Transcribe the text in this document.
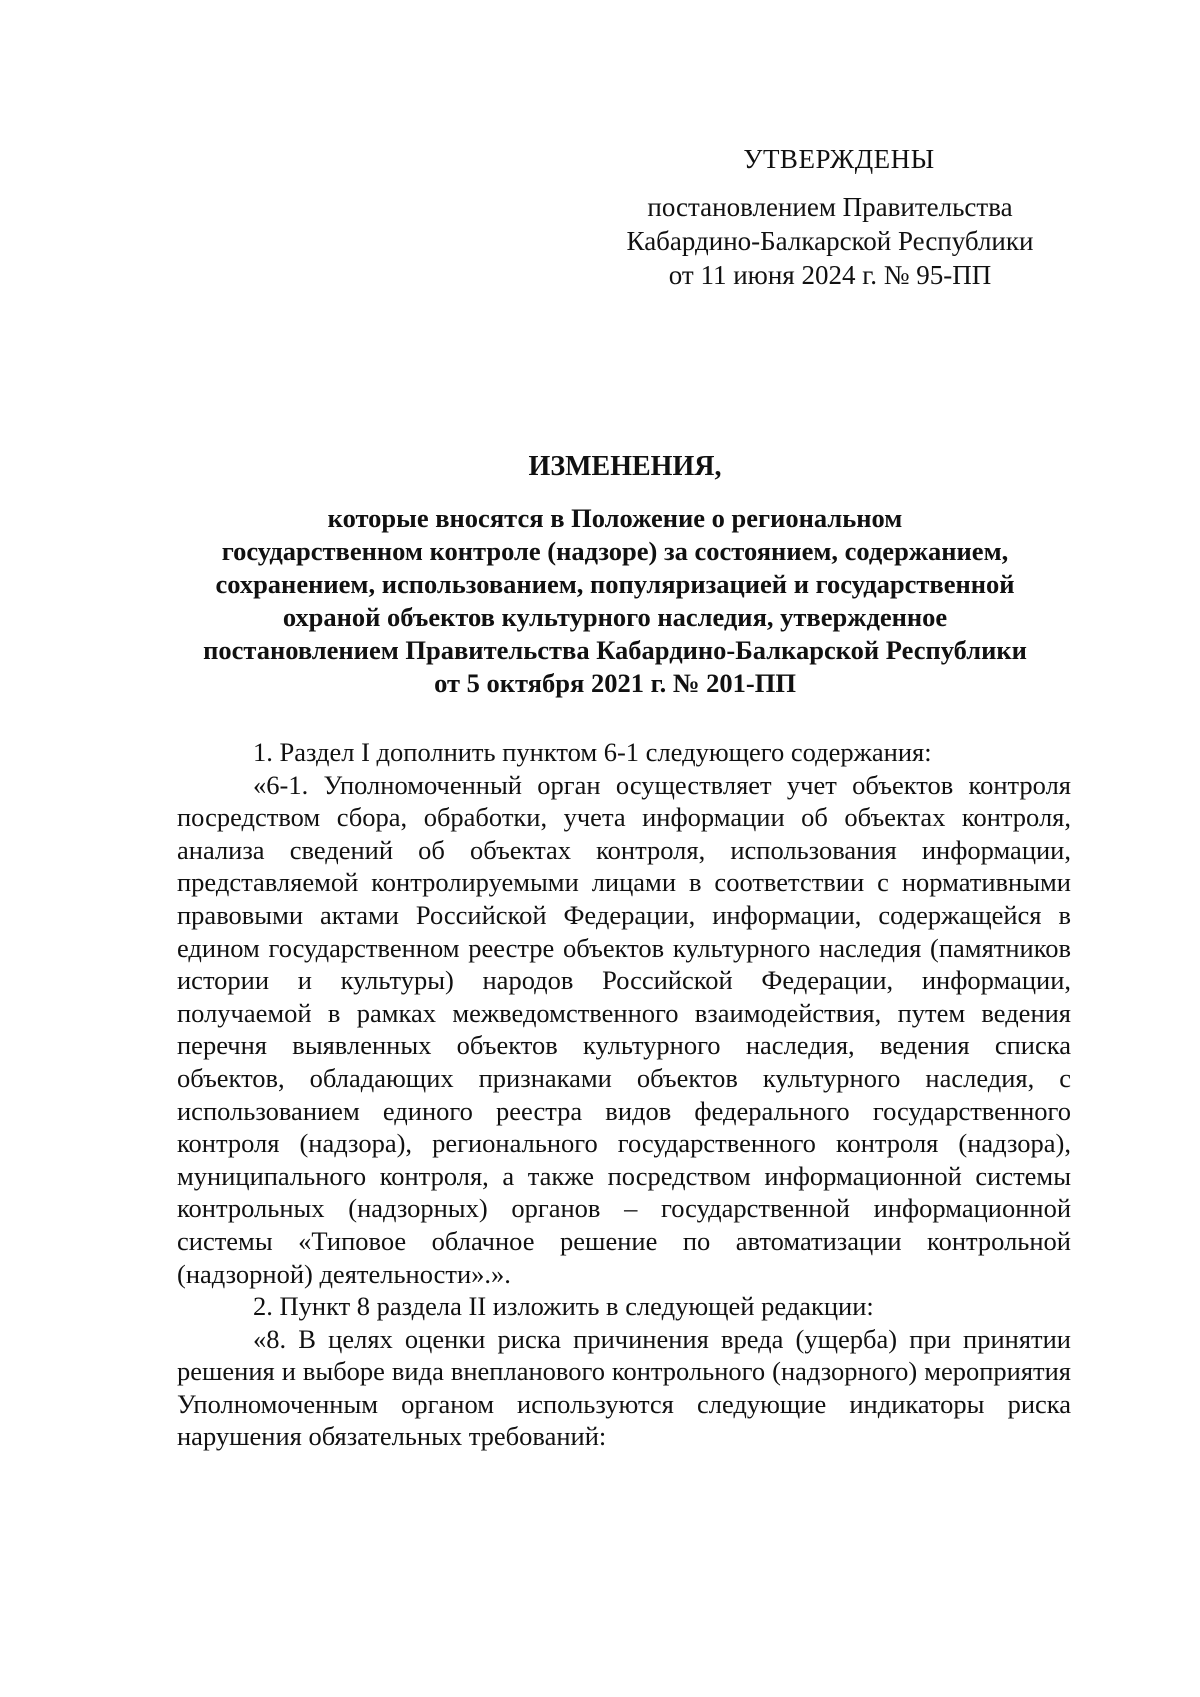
УТВЕРЖДЕНЫ
постановлением Правительства
Кабардино-Балкарской Республики
от 11 июня 2024 г. № 95-ПП
ИЗМЕНЕНИЯ,
которые вносятся в Положение о региональном
государственном контроле (надзоре) за состоянием, содержанием,
сохранением, использованием, популяризацией и государственной
охраной объектов культурного наследия, утвержденное
постановлением Правительства Кабардино-Балкарской Республики
от 5 октября 2021 г. № 201-ПП

1. Раздел I дополнить пунктом 6-1 следующего содержания:

«6-1. Уполномоченный орган осуществляет учет объектов контроля посредством сбора, обработки, учета информации об объектах контроля, анализа сведений об объектах контроля, использования информации, представляемой контролируемыми лицами в соответствии с нормативными правовыми актами Российской Федерации, информации, содержащейся в едином государственном реестре объектов культурного наследия (памятников истории и культуры) народов Российской Федерации, информации, получаемой в рамках межведомственного взаимодействия, путем ведения перечня выявленных объектов культурного наследия, ведения списка объектов, обладающих признаками объектов культурного наследия, с использованием единого реестра видов федерального государственного контроля (надзора), регионального государственного контроля (надзора), муниципального контроля, а также посредством информационной системы контрольных (надзорных) органов – государственной информационной системы «Типовое облачное решение по автоматизации контрольной (надзорной) деятельности».».

2. Пункт 8 раздела II изложить в следующей редакции:

«8. В целях оценки риска причинения вреда (ущерба) при принятии решения и выборе вида внепланового контрольного (надзорного) мероприятия Уполномоченным органом используются следующие индикаторы риска нарушения обязательных требований:
